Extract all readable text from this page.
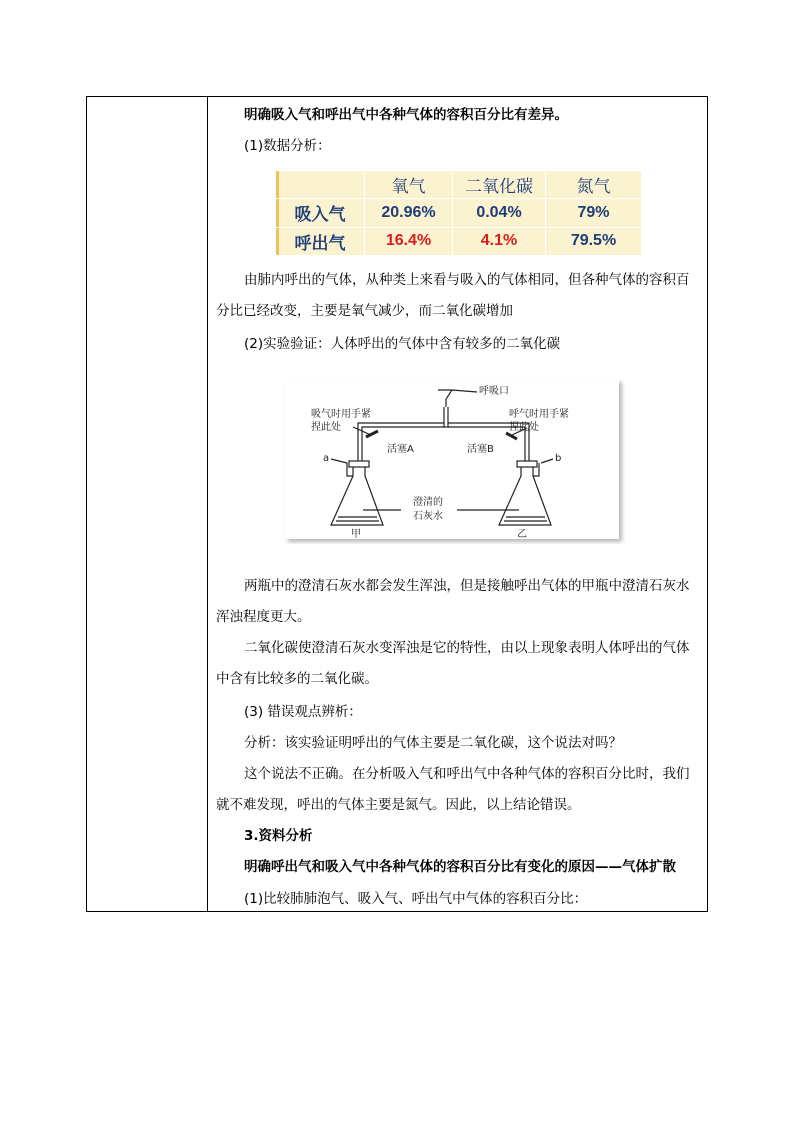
明确吸入气和呼出气中各种气体的容积百分比有差异。
(1)数据分析：
	氧气	二氧化碳	氮气
吸入气	20.96%	0.04%	79%
呼出气	16.4%	4.1%	79.5%
由肺内呼出的气体，从种类上来看与吸入的气体相同，但各种气体的容积百
分比已经改变，主要是氧气减少，而二氧化碳增加
(2)实验验证：人体呼出的气体中含有较多的二氧化碳
呼吸口
吸气时用手紧
捏此处
呼气时用手紧
捏此处
活塞A	活塞B
a	b
澄清的
石灰水
甲	乙
两瓶中的澄清石灰水都会发生浑浊，但是接触呼出气体的甲瓶中澄清石灰水
浑浊程度更大。
二氧化碳使澄清石灰水变浑浊是它的特性，由以上现象表明人体呼出的气体
中含有比较多的二氧化碳。
(3) 错误观点辨析：
分析：该实验证明呼出的气体主要是二氧化碳，这个说法对吗？
这个说法不正确。在分析吸入气和呼出气中各种气体的容积百分比时，我们
就不难发现，呼出的气体主要是氮气。因此，以上结论错误。
3.资料分析
明确呼出气和吸入气中各种气体的容积百分比有变化的原因——气体扩散
(1)比较肺肺泡气、吸入气、呼出气中气体的容积百分比：
